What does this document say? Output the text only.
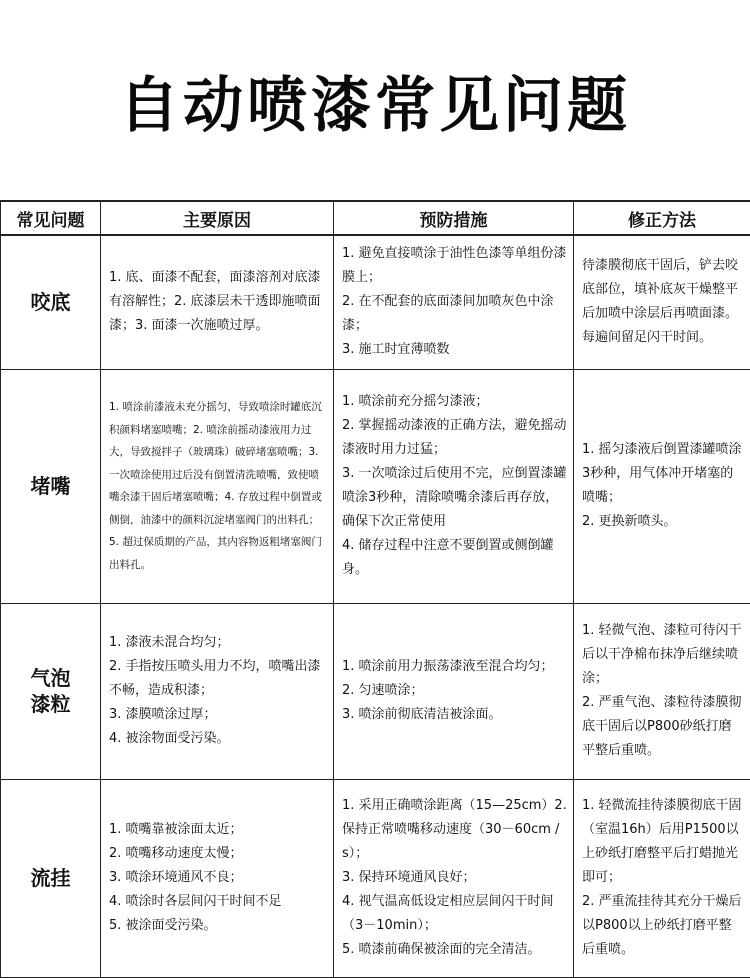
自动喷漆常见问题
常见问题	主要原因	预防措施	修正方法

咬底	1. 底、面漆不配套，面漆溶剂对底漆有溶解性；2. 底漆层未干透即施喷面漆；3. 面漆一次施喷过厚。	1. 避免直接喷涂于油性色漆等单组份漆膜上；
2. 在不配套的底面漆间加喷灰色中涂漆；
3. 施工时宜薄喷数	待漆膜彻底干固后，铲去咬底部位，填补底灰干燥整平后加喷中涂层后再喷面漆。每遍间留足闪干时间。

堵嘴	1. 喷涂前漆液未充分摇匀，导致喷涂时罐底沉积颜料堵塞喷嘴；2. 喷涂前摇动漆液用力过大，导致搅拌子（玻璃珠）破碎堵塞喷嘴；3. 一次喷涂使用过后没有倒置清洗喷嘴，致使喷嘴余漆干固后堵塞喷嘴；4. 存放过程中倒置或侧倒，油漆中的颜料沉淀堵塞阀门的出料孔；5. 超过保质期的产品，其内容物返粗堵塞阀门出料孔。	1. 喷涂前充分摇匀漆液；
2. 掌握摇动漆液的正确方法，避免摇动漆液时用力过猛；
3. 一次喷涂过后使用不完，应倒置漆罐喷涂3秒种，清除喷嘴余漆后再存放，确保下次正常使用
4. 储存过程中注意不要倒置或侧倒罐身。	1. 摇匀漆液后倒置漆罐喷涂3秒种，用气体冲开堵塞的喷嘴；
2. 更换新喷头。

气泡
漆粒	1. 漆液未混合均匀；
2. 手指按压喷头用力不均，喷嘴出漆不畅，造成积漆；
3. 漆膜喷涂过厚；
4. 被涂物面受污染。	1. 喷涂前用力振荡漆液至混合均匀；
2. 匀速喷涂；
3. 喷涂前彻底清洁被涂面。	1. 轻微气泡、漆粒可待闪干后以干净棉布抹净后继续喷涂；
2. 严重气泡、漆粒待漆膜彻底干固后以P800砂纸打磨平整后重喷。

流挂	1. 喷嘴靠被涂面太近；
2. 喷嘴移动速度太慢；
3. 喷涂环境通风不良；
4. 喷涂时各层间闪干时间不足
5. 被涂面受污染。	1. 采用正确喷涂距离（15—25cm）2. 保持正常喷嘴移动速度（30－60cm / s）；
3. 保持环境通风良好；
4. 视气温高低设定相应层间闪干时间（3－10min）；
5. 喷漆前确保被涂面的完全清洁。	1. 轻微流挂待漆膜彻底干固（室温16h）后用P1500以上砂纸打磨整平后打蜡抛光即可；
2. 严重流挂待其充分干燥后以P800以上砂纸打磨平整后重喷。
